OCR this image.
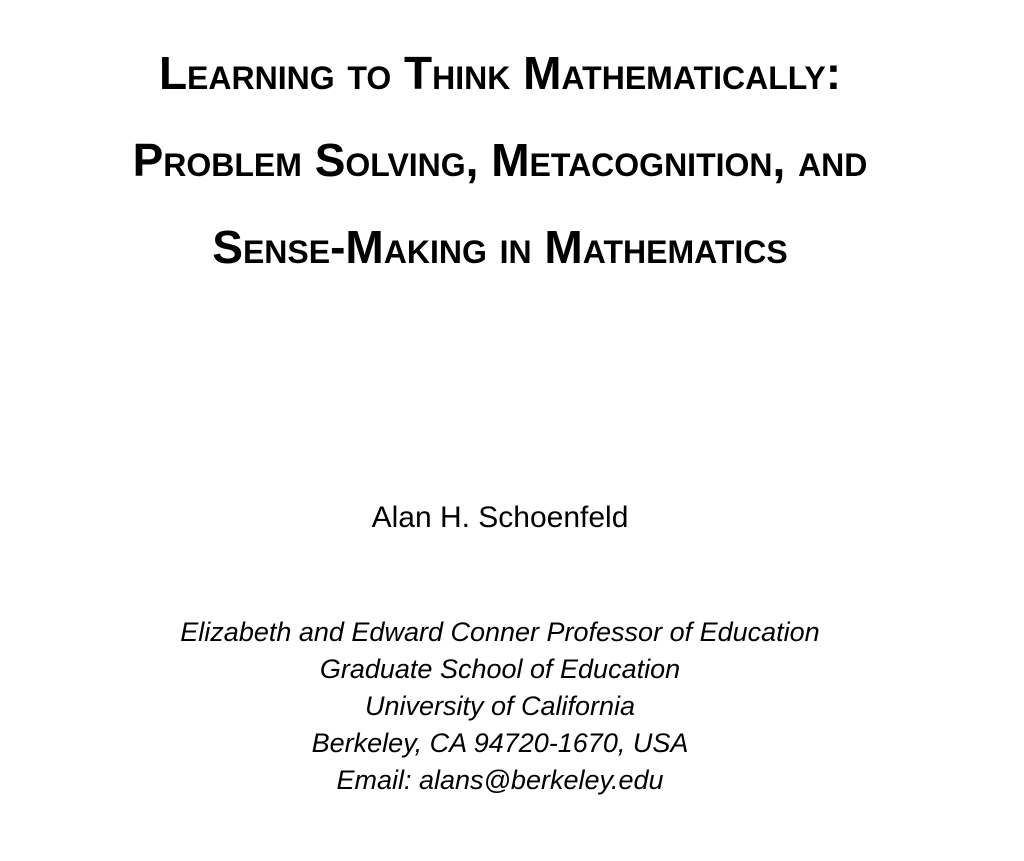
Learning to Think Mathematically:
Problem Solving, Metacognition, and
Sense-Making in Mathematics
Alan H. Schoenfeld
Elizabeth and Edward Conner Professor of Education
Graduate School of Education
University of California
Berkeley, CA 94720-1670, USA
Email: alans@berkeley.edu
